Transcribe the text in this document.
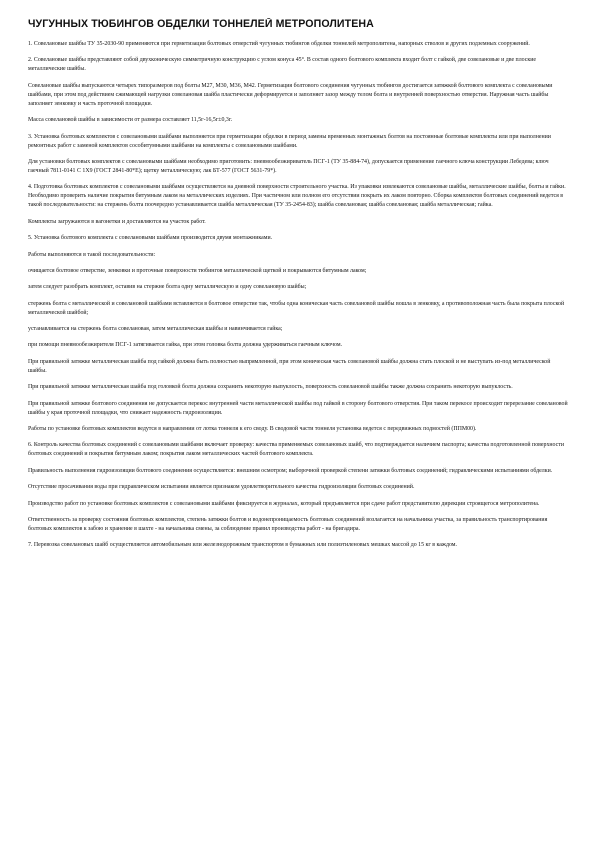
ЧУГУННЫХ ТЮБИНГОВ ОБДЕЛКИ ТОННЕЛЕЙ МЕТРОПОЛИТЕНА

1. Совелановые шайбы ТУ 35-2030-90 применяются при герметизации болтовых отверстий чугунных тюбингов обделки тоннелей метрополитена, напорных стволов и других подземных сооружений.

2. Совелановые шайбы представляют собой двухконическую симметричную конструкцию с углом конуса 45°. В состав одного болтового комплекта входит болт с гайкой, две совелановые и две плоские металлические шайбы.

Совелановые шайбы выпускаются четырех типоразмеров под болты М27, М30, М36, М42. Герметизация болтового соединения чугунных тюбингов достигается затяжкой болтового комплекта с совелановыми шайбами, при этом под действием сжимающей нагрузки совелановая шайба пластически деформируется и заполняет зазор между телом болта и внутренней поверхностью отверстия. Наружная часть шайбы заполняет зенковку и часть проточной площадки.

Масса совелановой шайбы в зависимости от размера составляет 11,5г-16,5г±0,3г.

3. Установка болтовых комплектов с совелановыми шайбами выполняется при герметизации обделки в период замены временных монтажных болтов на постоянные болтовые комплекты или при выполнении ремонтных работ с заменой комплектов сособитумными шайбами на комплекты с совелановыми шайбами.

Для установки болтовых комплектов с совелановыми шайбами необходимо приготовить: пневмообезжириватель ПСГ-1 (ТУ 35-884-74), допускается применение гаечного ключа конструкции Лебедева; ключ гаечный 7811-0141 С 1Х9 (ГОСТ 2841-80*Е); щетку металлическую; лак БТ-577 (ГОСТ 5631-79*).

4. Подготовка болтовых комплектов с совелановыми шайбами осуществляется на дневной поверхности строительного участка. Из упаковки извлекаются совелановые шайбы, металлические шайбы, болты и гайки. Необходимо проверить наличие покрытия битумным лаком на металлических изделиях. При частичном или полном его отсутствии покрыть их лаком повторно. Сборка комплектов болтовых соединений ведется в такой последовательности: на стержень болта поочередно устанавливается шайба металлическая (ТУ 35-2454-83); шайба совелановая; шайба совелановая; шайба металлическая; гайка.

Комплекты загружаются в вагонетки и доставляются на участок работ.

5. Установка болтового комплекта с совелановыми шайбами производится двумя монтажниками.

Работы выполняются в такой последовательности:

очищается болтовое отверстие, зенковки и проточные поверхности тюбингов металлической щеткой и покрываются битумным лаком;

затем следует разобрать комплект, оставив на стержне болта одну металлическую и одну совелановую шайбы;

стержень болта с металлической и совелановой шайбами вставляется в болтовое отверстие так, чтобы одна коническая часть совелановой шайбы вошла в зенковку, а противоположная часть была покрыта плоской металлической шайбой;

устанавливается на стержень болта совелановая, затем металлическая шайбы и навинчивается гайка;

при помощи пневмообезжирителя ПСГ-1 затягивается гайка, при этом головка болта должна удерживаться гаечным ключом.

При правильной затяжке металлическая шайба под гайкой должна быть полностью выпрямленной, при этом коническая часть совелановой шайбы должна стать плоской и не выступать из-под металлической шайбы.

При правильной затяжке металлическая шайба под головкой болта должна сохранить некоторую выпуклость, поверхность совелановой шайбы также должна сохранить некоторую выпуклость.

При правильной затяжке болтового соединения не допускается перекос внутренней части металлической шайбы под гайкой в сторону болтового отверстия. При таком перекосе происходит перерезание совелановой шайбы у края проточной площадки, что снижает надежность гидроизоляции.

Работы по установке болтовых комплектов ведутся в направлении от лотка тоннеля к его своду. В сводовой части тоннеля установка ведется с передвижных подмостей (ППМ00).

6. Контроль качества болтовых соединений с совелановыми шайбами включает проверку: качества применяемых совелановых шайб, что подтверждается наличием паспорта; качества подготовленной поверхности болтовых соединений и покрытия битумным лаком; покрытия лаком металлических частей болтового комплекта.

Правильность выполнения гидроизоляции болтового соединения осуществляется: внешним осмотром; выборочной проверкой степени затяжки болтовых соединений; гидравлическими испытаниями обделки.

Отсутствие просачивания воды при гидравлическом испытании является признаком удовлетворительного качества гидроизоляции болтовых соединений.

Производство работ по установке болтовых комплектов с совелановыми шайбами фиксируется в журналах, который предъявляется при сдаче работ представителю дирекции строящегося метрополитена.

Ответственность за проверку состояния болтовых комплектов, степень затяжки болтов и водонепроницаемость болтовых соединений возлагается на начальника участка, за правильность транспортирования болтовых комплектов к забою и хранение в шахте - на начальника смены, за соблюдение правил производства работ - на бригадира.

7. Перевозка совелановых шайб осуществляется автомобильным или железнодорожным транспортом в бумажных или полиэтиленовых мешках массой до 15 кг в каждом.
